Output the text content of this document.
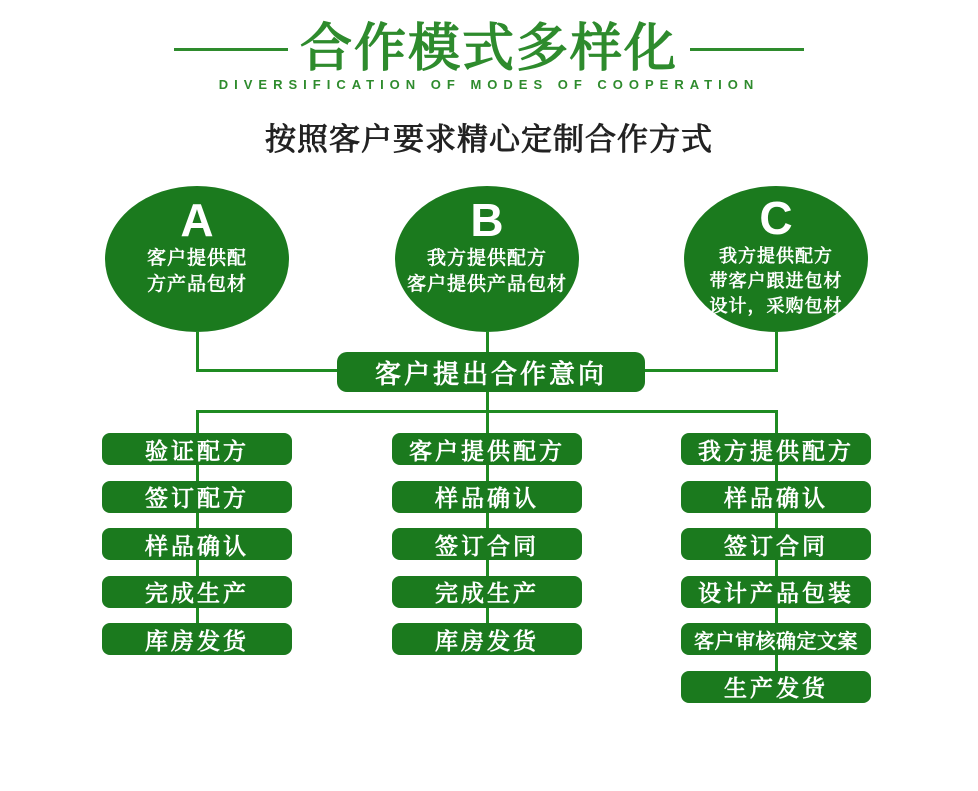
合作模式多样化
DIVERSIFICATION OF MODES OF COOPERATION
按照客户要求精心定制合作方式
A
客户提供配
方产品包材
B
我方提供配方
客户提供产品包材
C
我方提供配方
带客户跟进包材
设计，采购包材
客户提出合作意向
验证配方
签订配方
样品确认
完成生产
库房发货
客户提供配方
样品确认
签订合同
完成生产
库房发货
我方提供配方
样品确认
签订合同
设计产品包装
客户审核确定文案
生产发货
